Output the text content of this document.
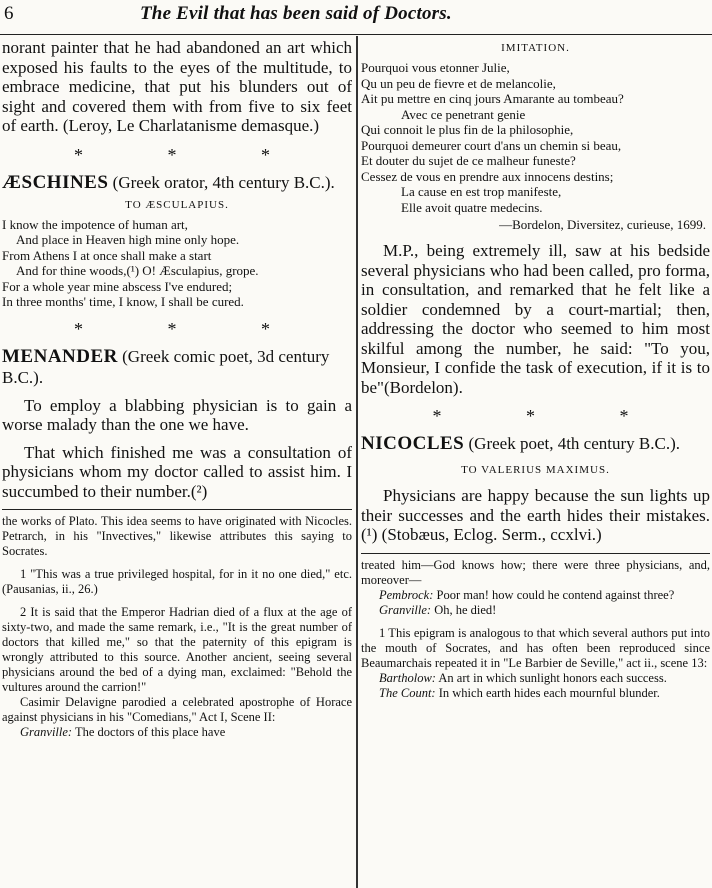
6	The Evil that has been said of Doctors.

norant painter that he had abandoned an art which exposed his faults to the eyes of the multitude, to embrace medicine, that put his blunders out of sight and covered them with from five to six feet of earth. (Leroy, Le Charlatanisme demasque.)

* * *
ÆSCHINES (Greek orator, 4th century B.C.).
TO ÆSCULAPIUS.
I know the impotence of human art,
And place in Heaven high mine only hope.
From Athens I at once shall make a start
And for thine woods,(¹) O! Æsculapius, grope.
For a whole year mine abscess I've endured;
In three months' time, I know, I shall be cured.
* * *
MENANDER (Greek comic poet, 3d century B.C.).

To employ a blabbing physician is to gain a worse malady than the one we have.

That which finished me was a consultation of physicians whom my doctor called to assist him. I succumbed to their number.(²)

the works of Plato. This idea seems to have originated with Nicocles. Petrarch, in his "Invectives," likewise attributes this saying to Socrates.

1 "This was a true privileged hospital, for in it no one died," etc. (Pausanias, ii., 26.)

2 It is said that the Emperor Hadrian died of a flux at the age of sixty-two, and made the same remark, i.e., "It is the great number of doctors that killed me," so that the paternity of this epigram is wrongly attributed to this source. Another ancient, seeing several physicians around the bed of a dying man, exclaimed: "Behold the vultures around the carrion!"

Casimir Delavigne parodied a celebrated apostrophe of Horace against physicians in his "Comedians," Act I, Scene II:

Granville: The doctors of this place have

IMITATION.
Pourquoi vous etonner Julie,
Qu un peu de fievre et de melancolie,
Ait pu mettre en cinq jours Amarante au tombeau?
Avec ce penetrant genie
Qui connoit le plus fin de la philosophie,
Pourquoi demeurer court d'ans un chemin si beau,
Et douter du sujet de ce malheur funeste?
Cessez de vous en prendre aux innocens destins;
La cause en est trop manifeste,
Elle avoit quatre medecins.
—Bordelon, Diversitez, curieuse, 1699.

M.P., being extremely ill, saw at his bedside several physicians who had been called, pro forma, in consultation, and remarked that he felt like a soldier condemned by a court-martial; then, addressing the doctor who seemed to him most skilful among the number, he said: "To you, Monsieur, I confide the task of execution, if it is to be"(Bordelon).

* * *
NICOCLES (Greek poet, 4th century B.C.).
TO VALERIUS MAXIMUS.

Physicians are happy because the sun lights up their successes and the earth hides their mistakes.(¹) (Stobæus, Eclog. Serm., ccxlvi.)

treated him—God knows how; there were three physicians, and, moreover—

Pembrock: Poor man! how could he contend against three?

Granville: Oh, he died!

1 This epigram is analogous to that which several authors put into the mouth of Socrates, and has often been reproduced since Beaumarchais repeated it in "Le Barbier de Seville," act ii., scene 13:

Bartholow: An art in which sunlight honors each success.

The Count: In which earth hides each mournful blunder.
